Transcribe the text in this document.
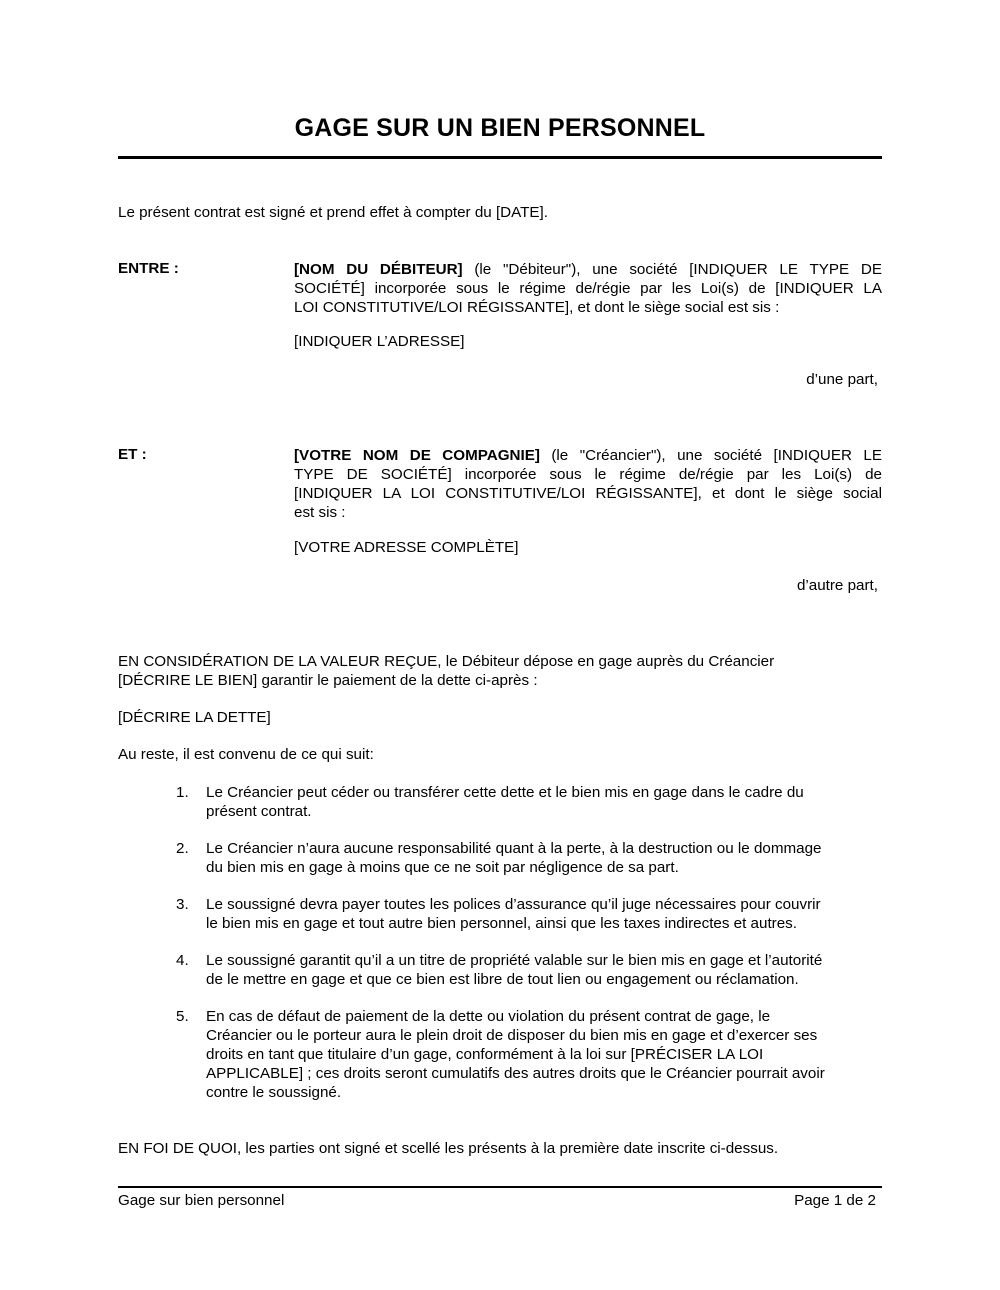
GAGE SUR UN BIEN PERSONNEL
Le présent contrat est signé et prend effet à compter du [DATE].
ENTRE :	[NOM DU DÉBITEUR] (le "Débiteur"), une société [INDIQUER LE TYPE DE
SOCIÉTÉ] incorporée sous le régime de/régie par les Loi(s) de [INDIQUER LA
LOI CONSTITUTIVE/LOI RÉGISSANTE], et dont le siège social est sis :
[INDIQUER L’ADRESSE]
d’une part,
ET :	[VOTRE NOM DE COMPAGNIE] (le "Créancier"), une société [INDIQUER LE
TYPE DE SOCIÉTÉ] incorporée sous le régime de/régie par les Loi(s) de
[INDIQUER LA LOI CONSTITUTIVE/LOI RÉGISSANTE], et dont le siège social
est sis :
[VOTRE ADRESSE COMPLÈTE]
d’autre part,
EN CONSIDÉRATION DE LA VALEUR REÇUE, le Débiteur dépose en gage auprès du Créancier
[DÉCRIRE LE BIEN] garantir le paiement de la dette ci-après :
[DÉCRIRE LA DETTE]
Au reste, il est convenu de ce qui suit:
1.	Le Créancier peut céder ou transférer cette dette et le bien mis en gage dans le cadre du
présent contrat.
2.	Le Créancier n’aura aucune responsabilité quant à la perte, à la destruction ou le dommage
du bien mis en gage à moins que ce ne soit par négligence de sa part.
3.	Le soussigné devra payer toutes les polices d’assurance qu’il juge nécessaires pour couvrir
le bien mis en gage et tout autre bien personnel, ainsi que les taxes indirectes et autres.
4.	Le soussigné garantit qu’il a un titre de propriété valable sur le bien mis en gage et l’autorité
de le mettre en gage et que ce bien est libre de tout lien ou engagement ou réclamation.
5.	En cas de défaut de paiement de la dette ou violation du présent contrat de gage, le
Créancier ou le porteur aura le plein droit de disposer du bien mis en gage et d’exercer ses
droits en tant que titulaire d’un gage, conformément à la loi sur [PRÉCISER LA LOI
APPLICABLE] ; ces droits seront cumulatifs des autres droits que le Créancier pourrait avoir
contre le soussigné.
EN FOI DE QUOI, les parties ont signé et scellé les présents à la première date inscrite ci-dessus.
Gage sur bien personnel	Page 1 de 2
